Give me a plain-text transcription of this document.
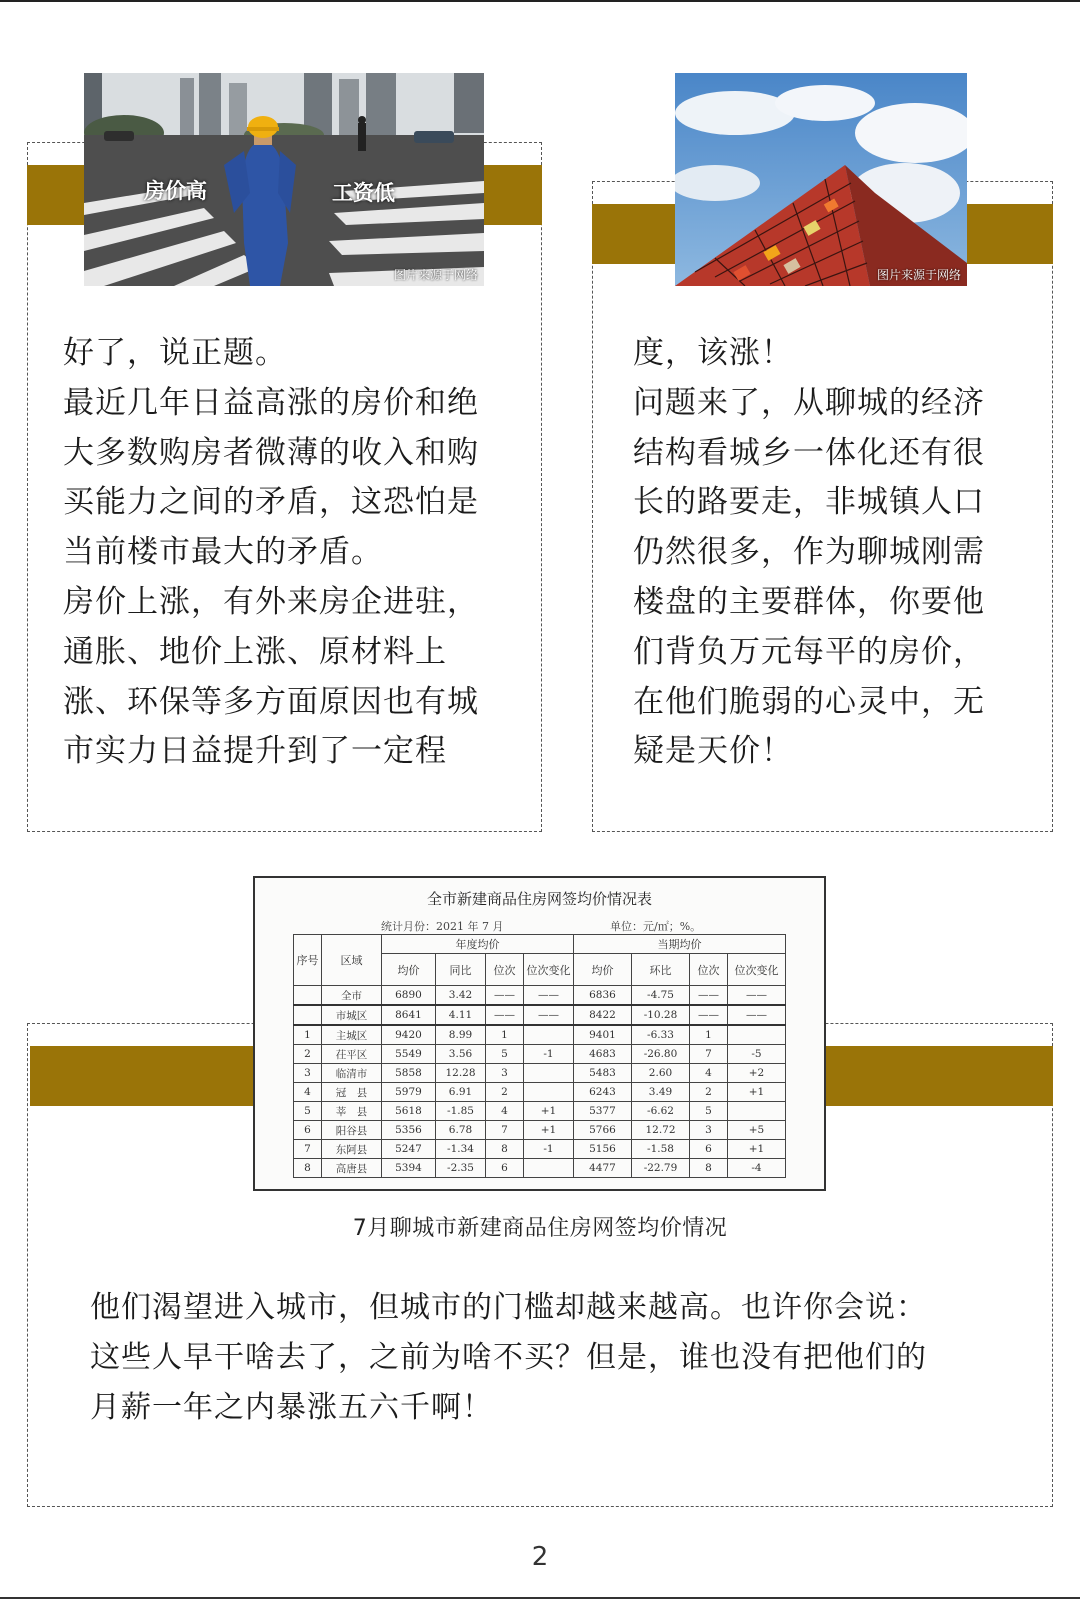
房价高	工资低
图片来源于网络

好了，说正题。

最近几年日益高涨的房价和绝

大多数购房者微薄的收入和购

买能力之间的矛盾，这恐怕是

当前楼市最大的矛盾。

房价上涨，有外来房企进驻，

通胀、地价上涨、原材料上

涨、环保等多方面原因也有城

市实力日益提升到了一定程

图片来源于网络

度，该涨！

问题来了，从聊城的经济

结构看城乡一体化还有很

长的路要走，非城镇人口

仍然很多，作为聊城刚需

楼盘的主要群体，你要他

们背负万元每平的房价，

在他们脆弱的心灵中，无

疑是天价！

全市新建商品住房网签均价情况表
统计月份：2021 年 7 月	单位：元/㎡；%。
序号	区域	年度均价				当期均价			
		均价	同比	位次	位次变化	均价	环比	位次	位次变化
	全市	6890	3.42	——	——	6836	-4.75	——	——
	市城区	8641	4.11	——	——	8422	-10.28	——	——
1	主城区	9420	8.99	1		9401	-6.33	1	
2	茌平区	5549	3.56	5	-1	4683	-26.80	7	-5
3	临清市	5858	12.28	3		5483	2.60	4	+2
4	冠　县	5979	6.91	2		6243	3.49	2	+1
5	莘　县	5618	-1.85	4	+1	5377	-6.62	5	
6	阳谷县	5356	6.78	7	+1	5766	12.72	3	+5
7	东阿县	5247	-1.34	8	-1	5156	-1.58	6	+1
8	高唐县	5394	-2.35	6		4477	-22.79	8	-4
7月聊城市新建商品住房网签均价情况

他们渴望进入城市，但城市的门槛却越来越高。也许你会说：

这些人早干啥去了，之前为啥不买？但是，谁也没有把他们的

月薪一年之内暴涨五六千啊！

2
